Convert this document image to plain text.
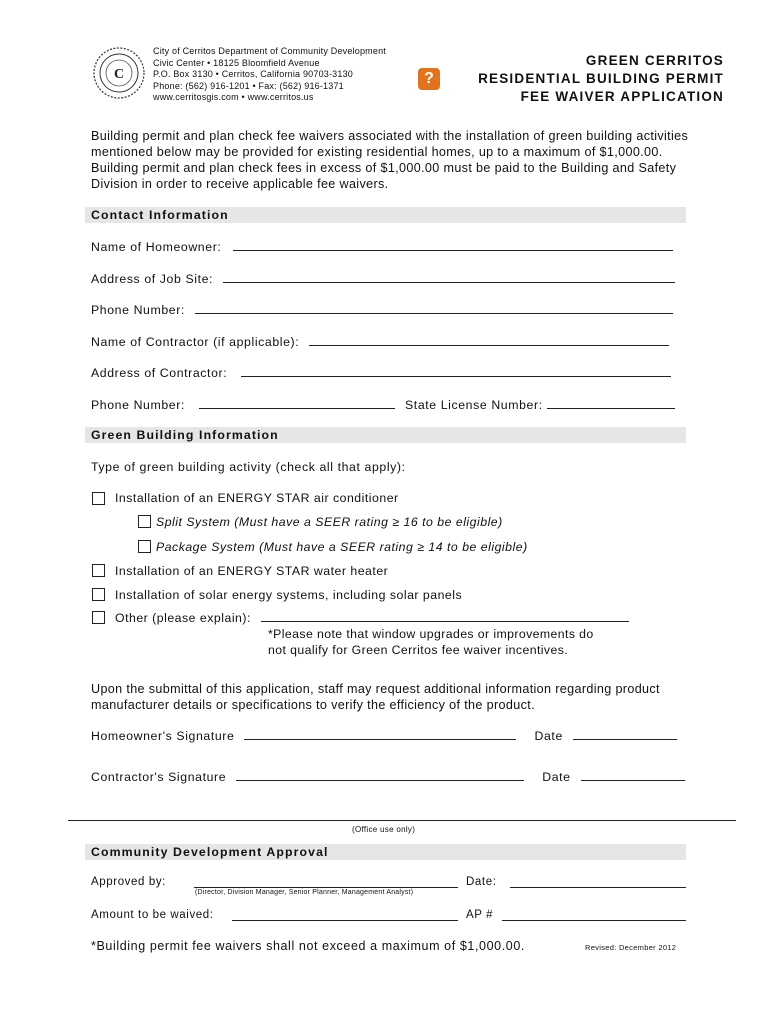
C
City of Cerritos Department of Community Development
Civic Center • 18125 Bloomfield Avenue
P.O. Box 3130 • Cerritos, California 90703-3130
Phone: (562) 916-1201 • Fax: (562) 916-1371
www.cerritosgis.com • www.cerritos.us
?
GREEN CERRITOS
RESIDENTIAL BUILDING PERMIT
FEE WAIVER APPLICATION
Building permit and plan check fee waivers associated with the installation of green building activities mentioned below may be provided for existing residential homes, up to a maximum of $1,000.00. Building permit and plan check fees in excess of $1,000.00 must be paid to the Building and Safety Division in order to receive applicable fee waivers.
Contact Information
Name of Homeowner:
Address of Job Site:
Phone Number:
Name of Contractor (if applicable):
Address of Contractor:
Phone Number:	State License Number:
Green Building Information
Type of green building activity (check all that apply):
Installation of an ENERGY STAR air conditioner
Split System (Must have a SEER rating ≥ 16 to be eligible)
Package System (Must have a SEER rating ≥ 14 to be eligible)
Installation of an ENERGY STAR water heater
Installation of solar energy systems, including solar panels
Other (please explain):
*Please note that window upgrades or improvements do
not qualify for Green Cerritos fee waiver incentives.
Upon the submittal of this application, staff may request additional information regarding product manufacturer details or specifications to verify the efficiency of the product.
Homeowner's Signature	Date
Contractor's Signature	Date
(Office use only)
Community Development Approval
Approved by:
(Director, Division Manager, Senior Planner, Management Analyst)
Date:
Amount to be waived:	AP #
*Building permit fee waivers shall not exceed a maximum of $1,000.00.	Revised: December 2012
